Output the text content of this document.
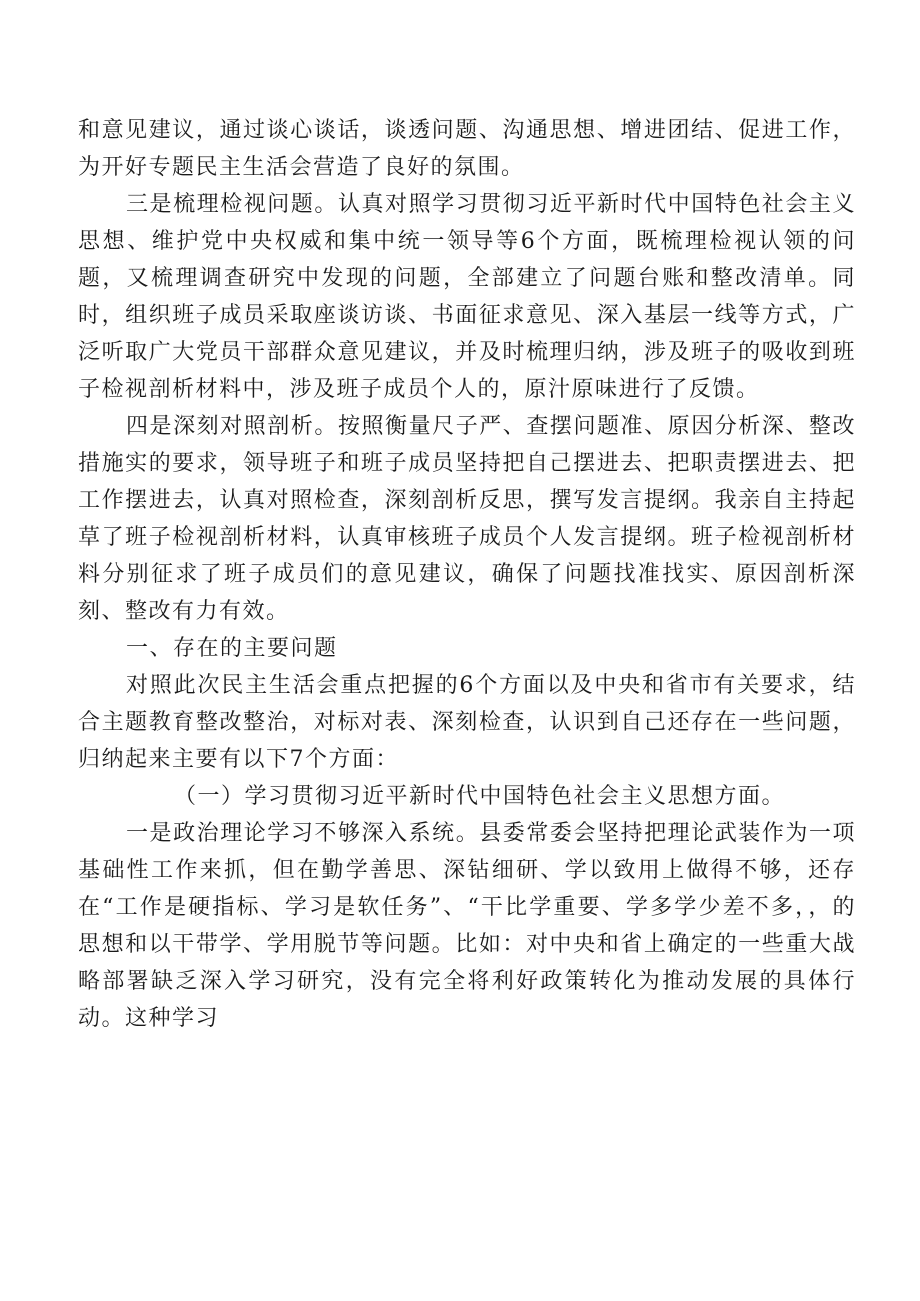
和意见建议，通过谈心谈话，谈透问题、沟通思想、增进团结、促进工作，为开好专题民主生活会营造了良好的氛围。

三是梳理检视问题。认真对照学习贯彻习近平新时代中国特色社会主义思想、维护党中央权威和集中统一领导等6个方面，既梳理检视认领的问题，又梳理调查研究中发现的问题，全部建立了问题台账和整改清单。同时，组织班子成员采取座谈访谈、书面征求意见、深入基层一线等方式，广泛听取广大党员干部群众意见建议，并及时梳理归纳，涉及班子的吸收到班子检视剖析材料中，涉及班子成员个人的，原汁原味进行了反馈。

四是深刻对照剖析。按照衡量尺子严、查摆问题准、原因分析深、整改措施实的要求，领导班子和班子成员坚持把自己摆进去、把职责摆进去、把工作摆进去，认真对照检查，深刻剖析反思，撰写发言提纲。我亲自主持起草了班子检视剖析材料，认真审核班子成员个人发言提纲。班子检视剖析材料分别征求了班子成员们的意见建议，确保了问题找准找实、原因剖析深刻、整改有力有效。

一、存在的主要问题

对照此次民主生活会重点把握的6个方面以及中央和省市有关要求，结合主题教育整改整治，对标对表、深刻检查，认识到自己还存在一些问题，归纳起来主要有以下7个方面：

（一）学习贯彻习近平新时代中国特色社会主义思想方面。

一是政治理论学习不够深入系统。县委常委会坚持把理论武装作为一项基础性工作来抓，但在勤学善思、深钻细研、学以致用上做得不够，还存在“工作是硬指标、学习是软任务”、“干比学重要、学多学少差不多，，的思想和以干带学、学用脱节等问题。比如：对中央和省上确定的一些重大战略部署缺乏深入学习研究，没有完全将利好政策转化为推动发展的具体行动。这种学习
